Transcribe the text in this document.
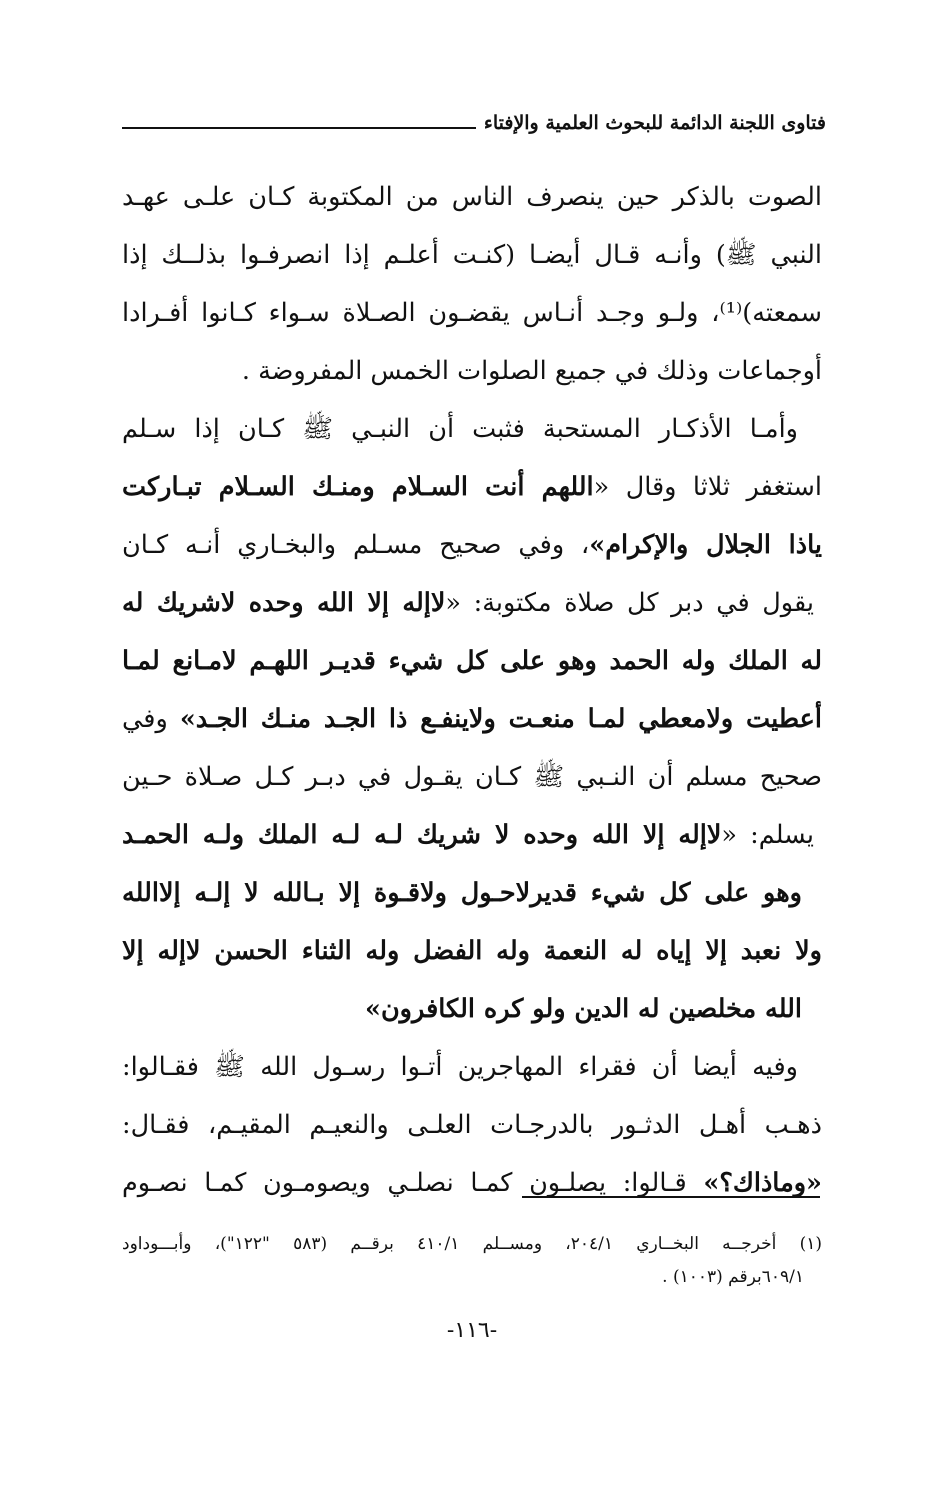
فتاوى اللجنة الدائمة للبحوث العلمية والإفتاء
الصوت بالذكر حين ينصرف الناس من المكتوبة كـان علـى عهـد
النبي ﷺ) وأنـه قـال أيضـا (كنـت أعلـم إذا انصرفـوا بذلــك إذا
سمعته)⁽¹⁾، ولـو وجـد أنـاس يقضـون الصـلاة سـواء كـانوا أفـرادا
أوجماعات وذلك في جميع الصلوات الخمس المفروضة .
وأمـا الأذكـار المستحبة فثبت أن النبـي ﷺ كـان إذا سـلم
استغفر ثلاثا وقال «اللهم أنت السـلام ومنـك السـلام تبـاركت
ياذا الجلال والإكرام»، وفي صحيح مسـلم والبخـاري أنـه كـان
يقول في دبر كل صلاة مكتوبة: «لاإله إلا الله وحده لاشريك له
له الملك وله الحمد وهو على كل شيء قديـر اللهـم لامـانع لمـا
أعطيت ولامعطي لمـا منعـت ولاينفـع ذا الجـد منـك الجـد» وفي
صحيح مسلم أن النـبي ﷺ كـان يقـول في دبـر كـل صـلاة حـين
يسلم: «لاإله إلا الله وحده لا شريك لـه لـه الملك ولـه الحمـد
وهو على كل شيء قديرلاحـول ولاقـوة إلا بـالله لا إلـه إلاالله
ولا نعبد إلا إياه له النعمة وله الفضل وله الثناء الحسن لاإله إلا
الله مخلصين له الدين ولو كره الكافرون»
وفيه أيضا أن فقراء المهاجرين أتـوا رسـول الله ﷺ فقـالوا:
ذهـب أهـل الدثـور بالدرجـات العلـى والنعيـم المقيـم، فقـال:
«وماذاك؟» قـالوا: يصلـون كمـا نصلـي ويصومـون كمـا نصـوم
(١) أخرجــه البخــاري ٢٠٤/١، ومســلم ٤١٠/١ برقــم (٥٨٣ "١٢٢")، وأبـــوداود
٦٠٩/١برقم (١٠٠٣) .
-١١٦-
